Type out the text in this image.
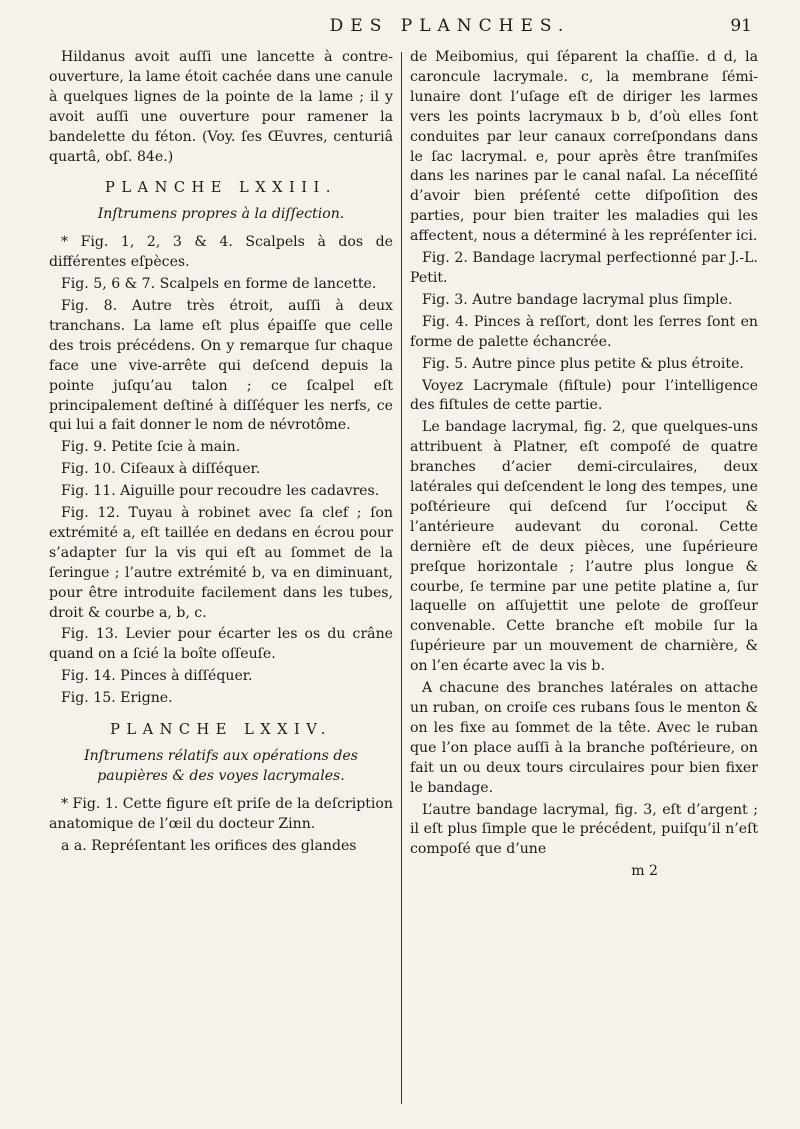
DES PLANCHES.	91

Hildanus avoit auſſi une lancette à contre-ouverture, la lame étoit cachée dans une canule à quelques lignes de la pointe de la lame ; il y avoit auſſi une ouverture pour ramener la bandelette du féton. (Voy. ſes Œuvres, centuriâ quartâ, obſ. 84e.)

PLANCHE LXXIII.
Inſtrumens propres à la diſſection.

* Fig. 1, 2, 3 & 4. Scalpels à dos de différentes eſpèces.

Fig. 5, 6 & 7. Scalpels en forme de lancette.

Fig. 8. Autre très étroit, auſſi à deux tranchans. La lame eſt plus épaiſſe que celle des trois précédens. On y remarque ſur chaque face une vive-arrête qui deſcend depuis la pointe juſqu’au talon ; ce ſcalpel eſt principalement deſtiné à diſſéquer les nerfs, ce qui lui a fait donner le nom de névrotôme.

Fig. 9. Petite ſcie à main.

Fig. 10. Ciſeaux à diſſéquer.

Fig. 11. Aiguille pour recoudre les cadavres.

Fig. 12. Tuyau à robinet avec ſa clef ; ſon extrémité a, eſt taillée en dedans en écrou pour s’adapter ſur la vis qui eſt au ſommet de la ſeringue ; l’autre extrémité b, va en diminuant, pour être introduite facilement dans les tubes, droit & courbe a, b, c.

Fig. 13. Levier pour écarter les os du crâne quand on a ſcié la boîte oſſeuſe.

Fig. 14. Pinces à diſſéquer.

Fig. 15. Erigne.

PLANCHE LXXIV.
Inſtrumens rélatifs aux opérations des paupières & des voyes lacrymales.

* Fig. 1. Cette figure eſt priſe de la deſcription anatomique de l’œil du docteur Zinn.

a a. Repréſentant les orifices des glandes

de Meibomius, qui ſéparent la chaſſie. d d, la caroncule lacrymale. c, la membrane ſémi-lunaire dont l’uſage eſt de diriger les larmes vers les points lacrymaux b b, d’où elles ſont conduites par leur canaux correſpondans dans le ſac lacrymal. e, pour après être tranſmiſes dans les narines par le canal naſal. La néceſſité d’avoir bien préſenté cette diſpoſition des parties, pour bien traiter les maladies qui les affectent, nous a déterminé à les repréſenter ici.

Fig. 2. Bandage lacrymal perfectionné par J.-L. Petit.

Fig. 3. Autre bandage lacrymal plus ſimple.

Fig. 4. Pinces à reſſort, dont les ſerres ſont en forme de palette échancrée.

Fig. 5. Autre pince plus petite & plus étroite.

Voyez Lacrymale (fiſtule) pour l’intelligence des fiſtules de cette partie.

Le bandage lacrymal, fig. 2, que quelques-uns attribuent à Platner, eſt compoſé de quatre branches d’acier demi-circulaires, deux latérales qui deſcendent le long des tempes, une poſtérieure qui deſcend ſur l’occiput & l’antérieure audevant du coronal. Cette dernière eſt de deux pièces, une ſupérieure preſque horizontale ; l’autre plus longue & courbe, ſe termine par une petite platine a, ſur laquelle on aſſujettit une pelote de groſſeur convenable. Cette branche eſt mobile ſur la ſupérieure par un mouvement de charnière, & on l’en écarte avec la vis b.

A chacune des branches latérales on attache un ruban, on croiſe ces rubans ſous le menton & on les fixe au ſommet de la tête. Avec le ruban que l’on place auſſi à la branche poſtérieure, on fait un ou deux tours circulaires pour bien fixer le bandage.

L’autre bandage lacrymal, fig. 3, eſt d’argent ; il eſt plus ſimple que le précédent, puiſqu’il n’eſt compoſé que d’une

m 2
